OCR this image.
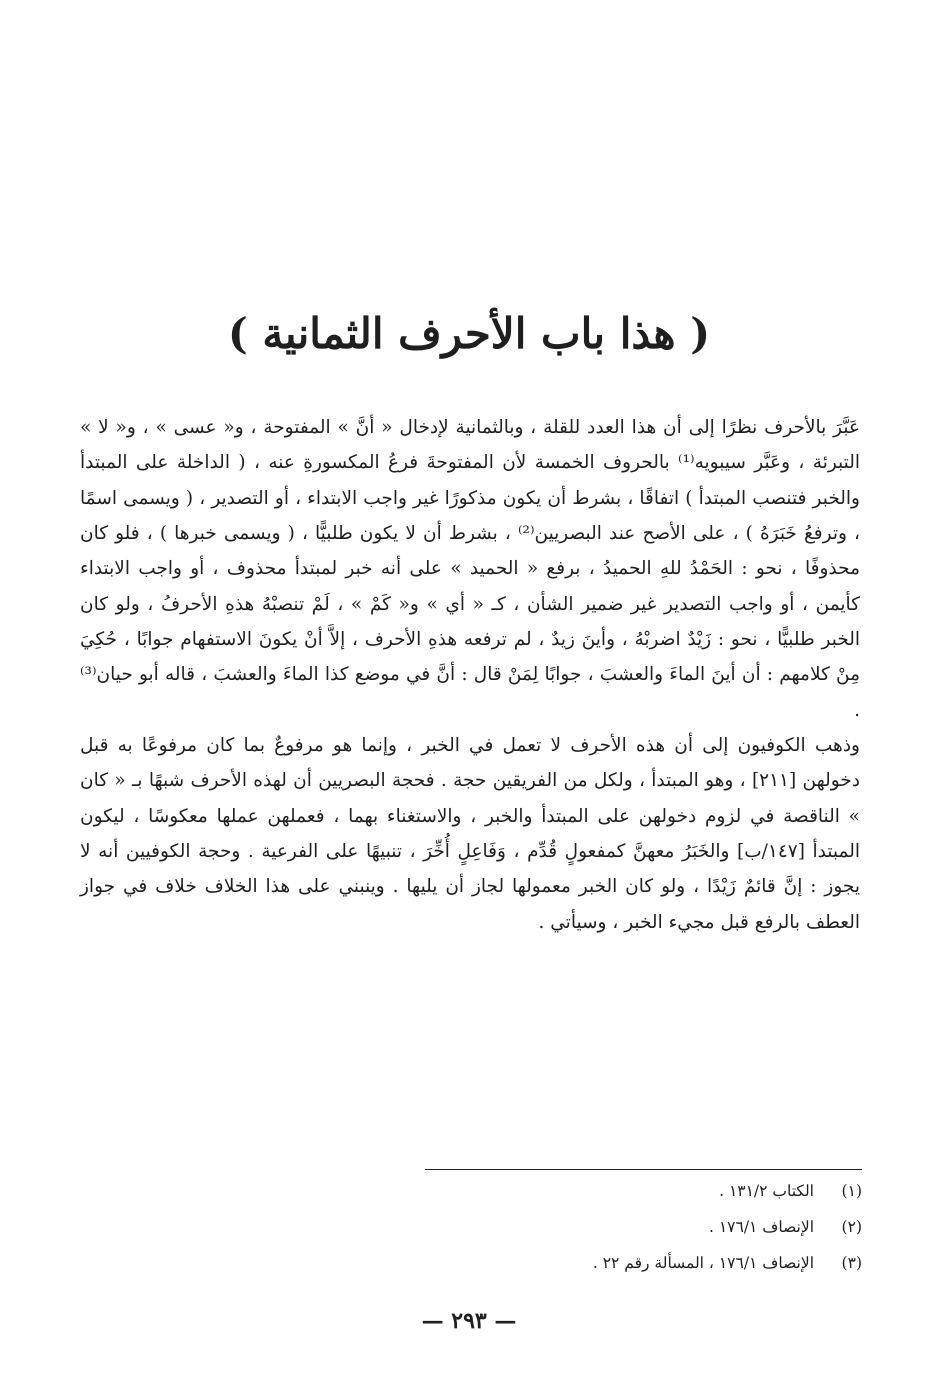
( هذا باب الأحرف الثمانية )

عَبَّرَ بالأحرف نظرًا إلى أن هذا العدد للقلة ، وبالثمانية لإدخال « أنَّ » المفتوحة ، و« عسى » ، و« لا » التبرئة ، وعَبَّر سيبويه⁽¹⁾ بالحروف الخمسة لأن المفتوحةَ فرعُ المكسورةِ عنه ، ( الداخلة على المبتدأ والخبر فتنصب المبتدأ ) اتفاقًا ، بشرط أن يكون مذكورًا غير واجب الابتداء ، أو التصدير ، ( ويسمى اسمًا ، وترفعُ خَبَرَهُ ) ، على الأصح عند البصريين⁽²⁾ ، بشرط أن لا يكون طلبيًّا ، ( ويسمى خبرها ) ، فلو كان محذوفًا ، نحو : الحَمْدُ للهِ الحميدُ ، برفع « الحميد » على أنه خبر لمبتدأ محذوف ، أو واجب الابتداء كأيمن ، أو واجب التصدير غير ضمير الشأن ، كـ « أي » و« كَمْ » ، لَمْ تنصبْهُ هذهِ الأحرفُ ، ولو كان الخبر طلبيًّا ، نحو : زَيْدٌ اضربْهُ ، وأينَ زيدٌ ، لم ترفعه هذهِ الأحرف ، إلاَّ أنْ يكونَ الاستفهام جوابًا ، حُكِيَ مِنْ كلامهم : أن أينَ الماءَ والعشبَ ، جوابًا لِمَنْ قال : أنَّ في موضع كذا الماءَ والعشبَ ، قاله أبو حيان⁽³⁾ .

وذهب الكوفيون إلى أن هذه الأحرف لا تعمل في الخبر ، وإنما هو مرفوعٌ بما كان مرفوعًا به قبل دخولهن [٢١١] ، وهو المبتدأ ، ولكل من الفريقين حجة . فحجة البصريين أن لهذه الأحرف شبهًا بـ « كان » الناقصة في لزوم دخولهن على المبتدأ والخبر ، والاستغناء بهما ، فعملهن عملها معكوسًا ، ليكون المبتدأ [١٤٧/ب] والخَبَرُ معهنَّ كمفعولٍ قُدِّم ، وَفَاعِلٍ أُخِّرَ ، تنبيهًا على الفرعية . وحجة الكوفيين أنه لا يجوز : إنَّ قائمٌ زَيْدًا ، ولو كان الخبر معمولها لجاز أن يليها . وينبني على هذا الخلاف خلاف في جواز العطف بالرفع قبل مجيء الخبر ، وسيأتي .

(١)
الكتاب ١٣١/٢ .
(٢)
الإنصاف ١٧٦/١ .
(٣)
الإنصاف ١٧٦/١ ، المسألة رقم ٢٢ .
— ٢٩٣ —
